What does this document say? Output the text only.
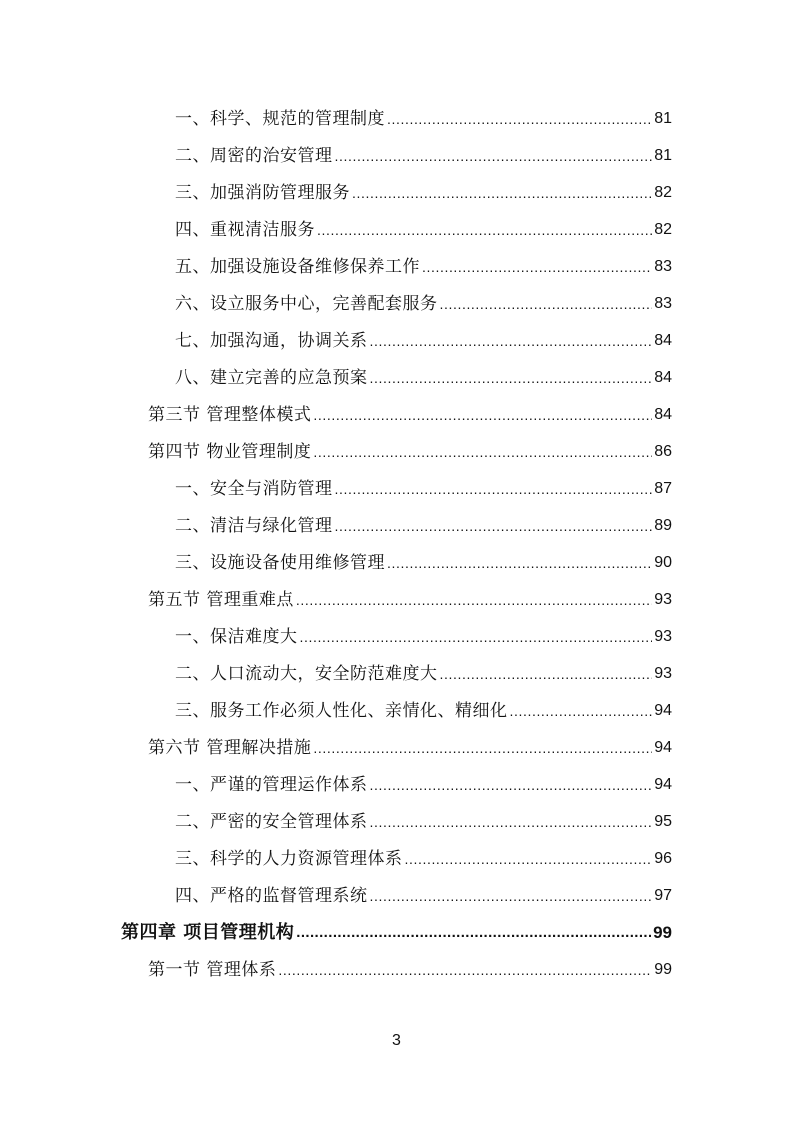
一、科学、规范的管理制度 .....	81
二、周密的治安管理 .....	81
三、加强消防管理服务 .....	82
四、重视清洁服务 .....	82
五、加强设施设备维修保养工作 .....	83
六、设立服务中心，完善配套服务 .....	83
七、加强沟通，协调关系 .....	84
八、建立完善的应急预案 .....	84
第三节 管理整体模式 .....	84
第四节 物业管理制度 .....	86
一、安全与消防管理 .....	87
二、清洁与绿化管理 .....	89
三、设施设备使用维修管理 .....	90
第五节 管理重难点 .....	93
一、保洁难度大 .....	93
二、人口流动大，安全防范难度大 .....	93
三、服务工作必须人性化、亲情化、精细化 .....	94
第六节 管理解决措施 .....	94
一、严谨的管理运作体系 .....	94
二、严密的安全管理体系 .....	95
三、科学的人力资源管理体系 .....	96
四、严格的监督管理系统 .....	97
第四章 项目管理机构 .....	99
第一节 管理体系 .....	99
3
